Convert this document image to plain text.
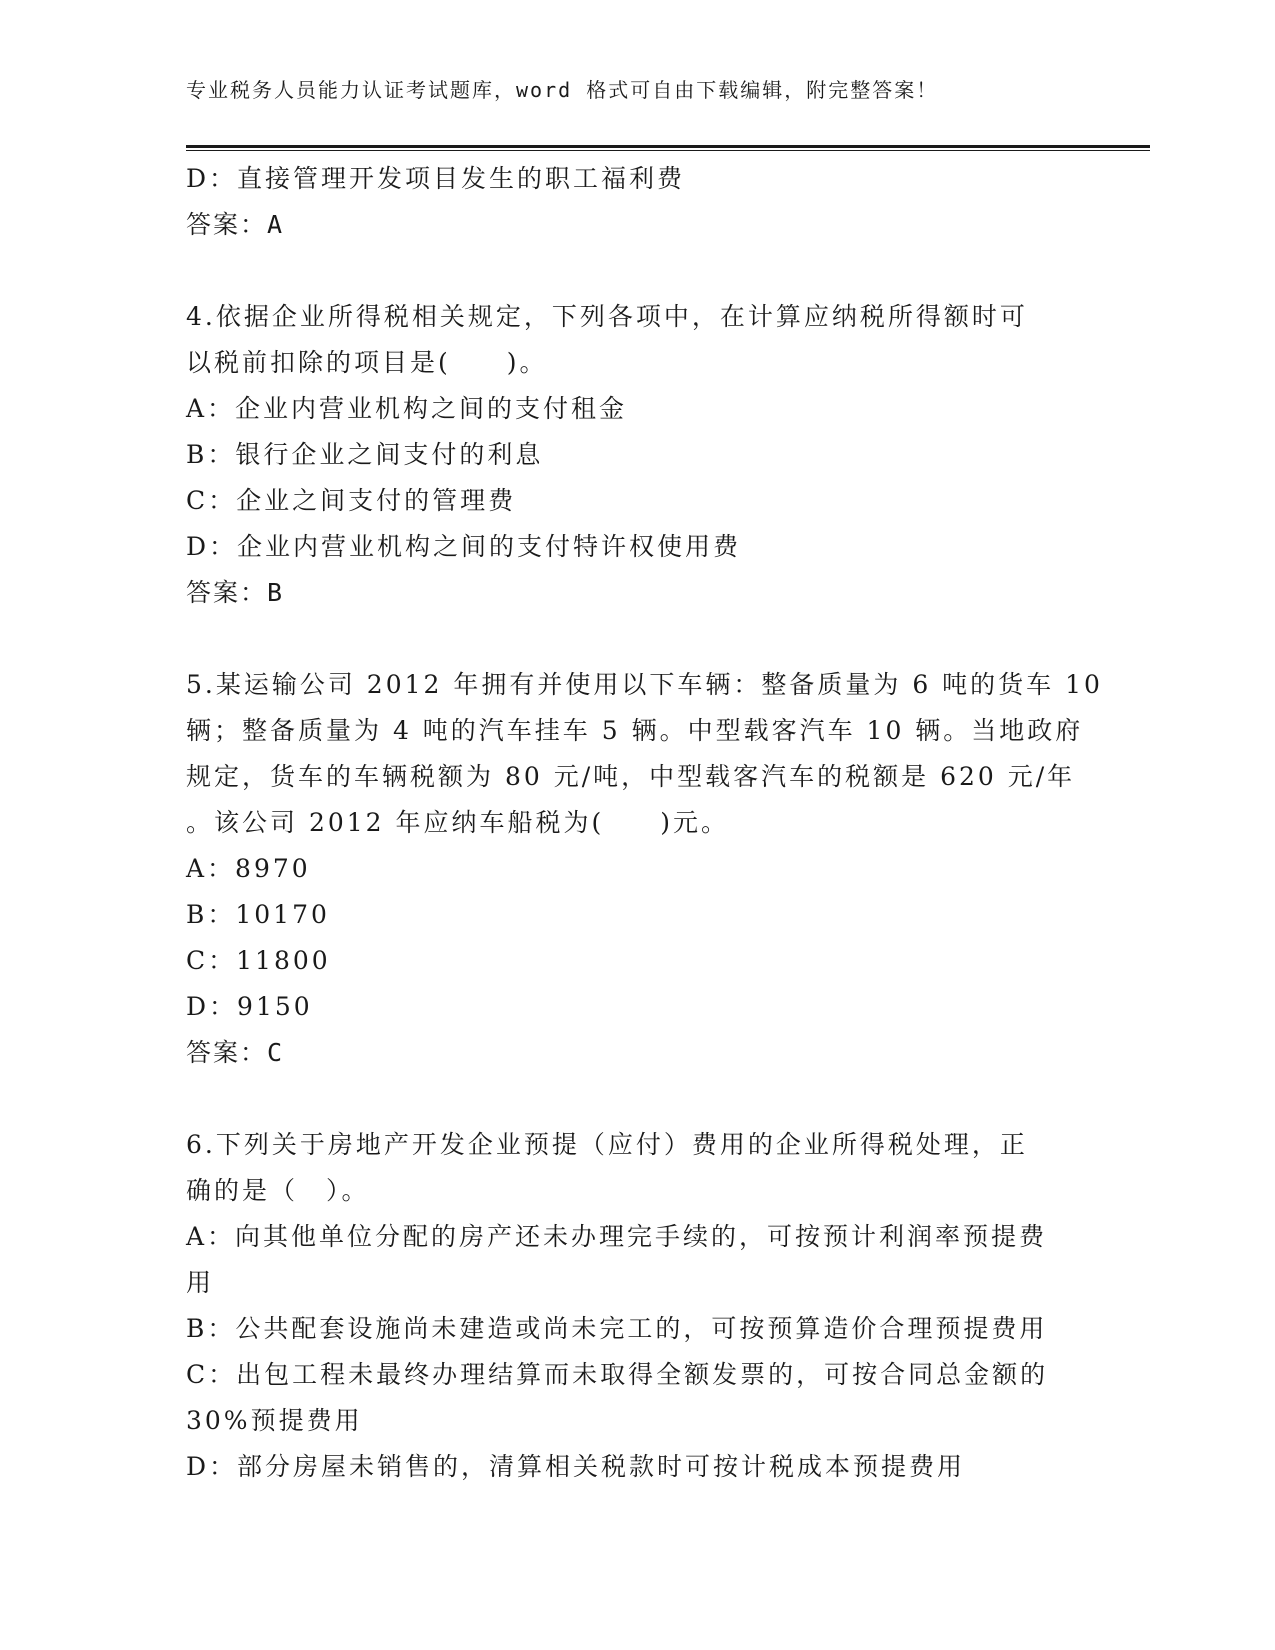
专业税务人员能力认证考试题库，word 格式可自由下载编辑，附完整答案！
D：直接管理开发项目发生的职工福利费
答案：A
4.依据企业所得税相关规定，下列各项中，在计算应纳税所得额时可
以税前扣除的项目是(　　)。
A：企业内营业机构之间的支付租金
B：银行企业之间支付的利息
C：企业之间支付的管理费
D：企业内营业机构之间的支付特许权使用费
答案：B
5.某运输公司 2012 年拥有并使用以下车辆：整备质量为 6 吨的货车 10
辆；整备质量为 4 吨的汽车挂车 5 辆。中型载客汽车 10 辆。当地政府
规定，货车的车辆税额为 80 元/吨，中型载客汽车的税额是 620 元/年
。该公司 2012 年应纳车船税为(　　)元。
A：8970
B：10170
C：11800
D：9150
答案：C
6.下列关于房地产开发企业预提（应付）费用的企业所得税处理，正
确的是（　）。
A：向其他单位分配的房产还未办理完手续的，可按预计利润率预提费
用
B：公共配套设施尚未建造或尚未完工的，可按预算造价合理预提费用
C：出包工程未最终办理结算而未取得全额发票的，可按合同总金额的
30%预提费用
D：部分房屋未销售的，清算相关税款时可按计税成本预提费用
